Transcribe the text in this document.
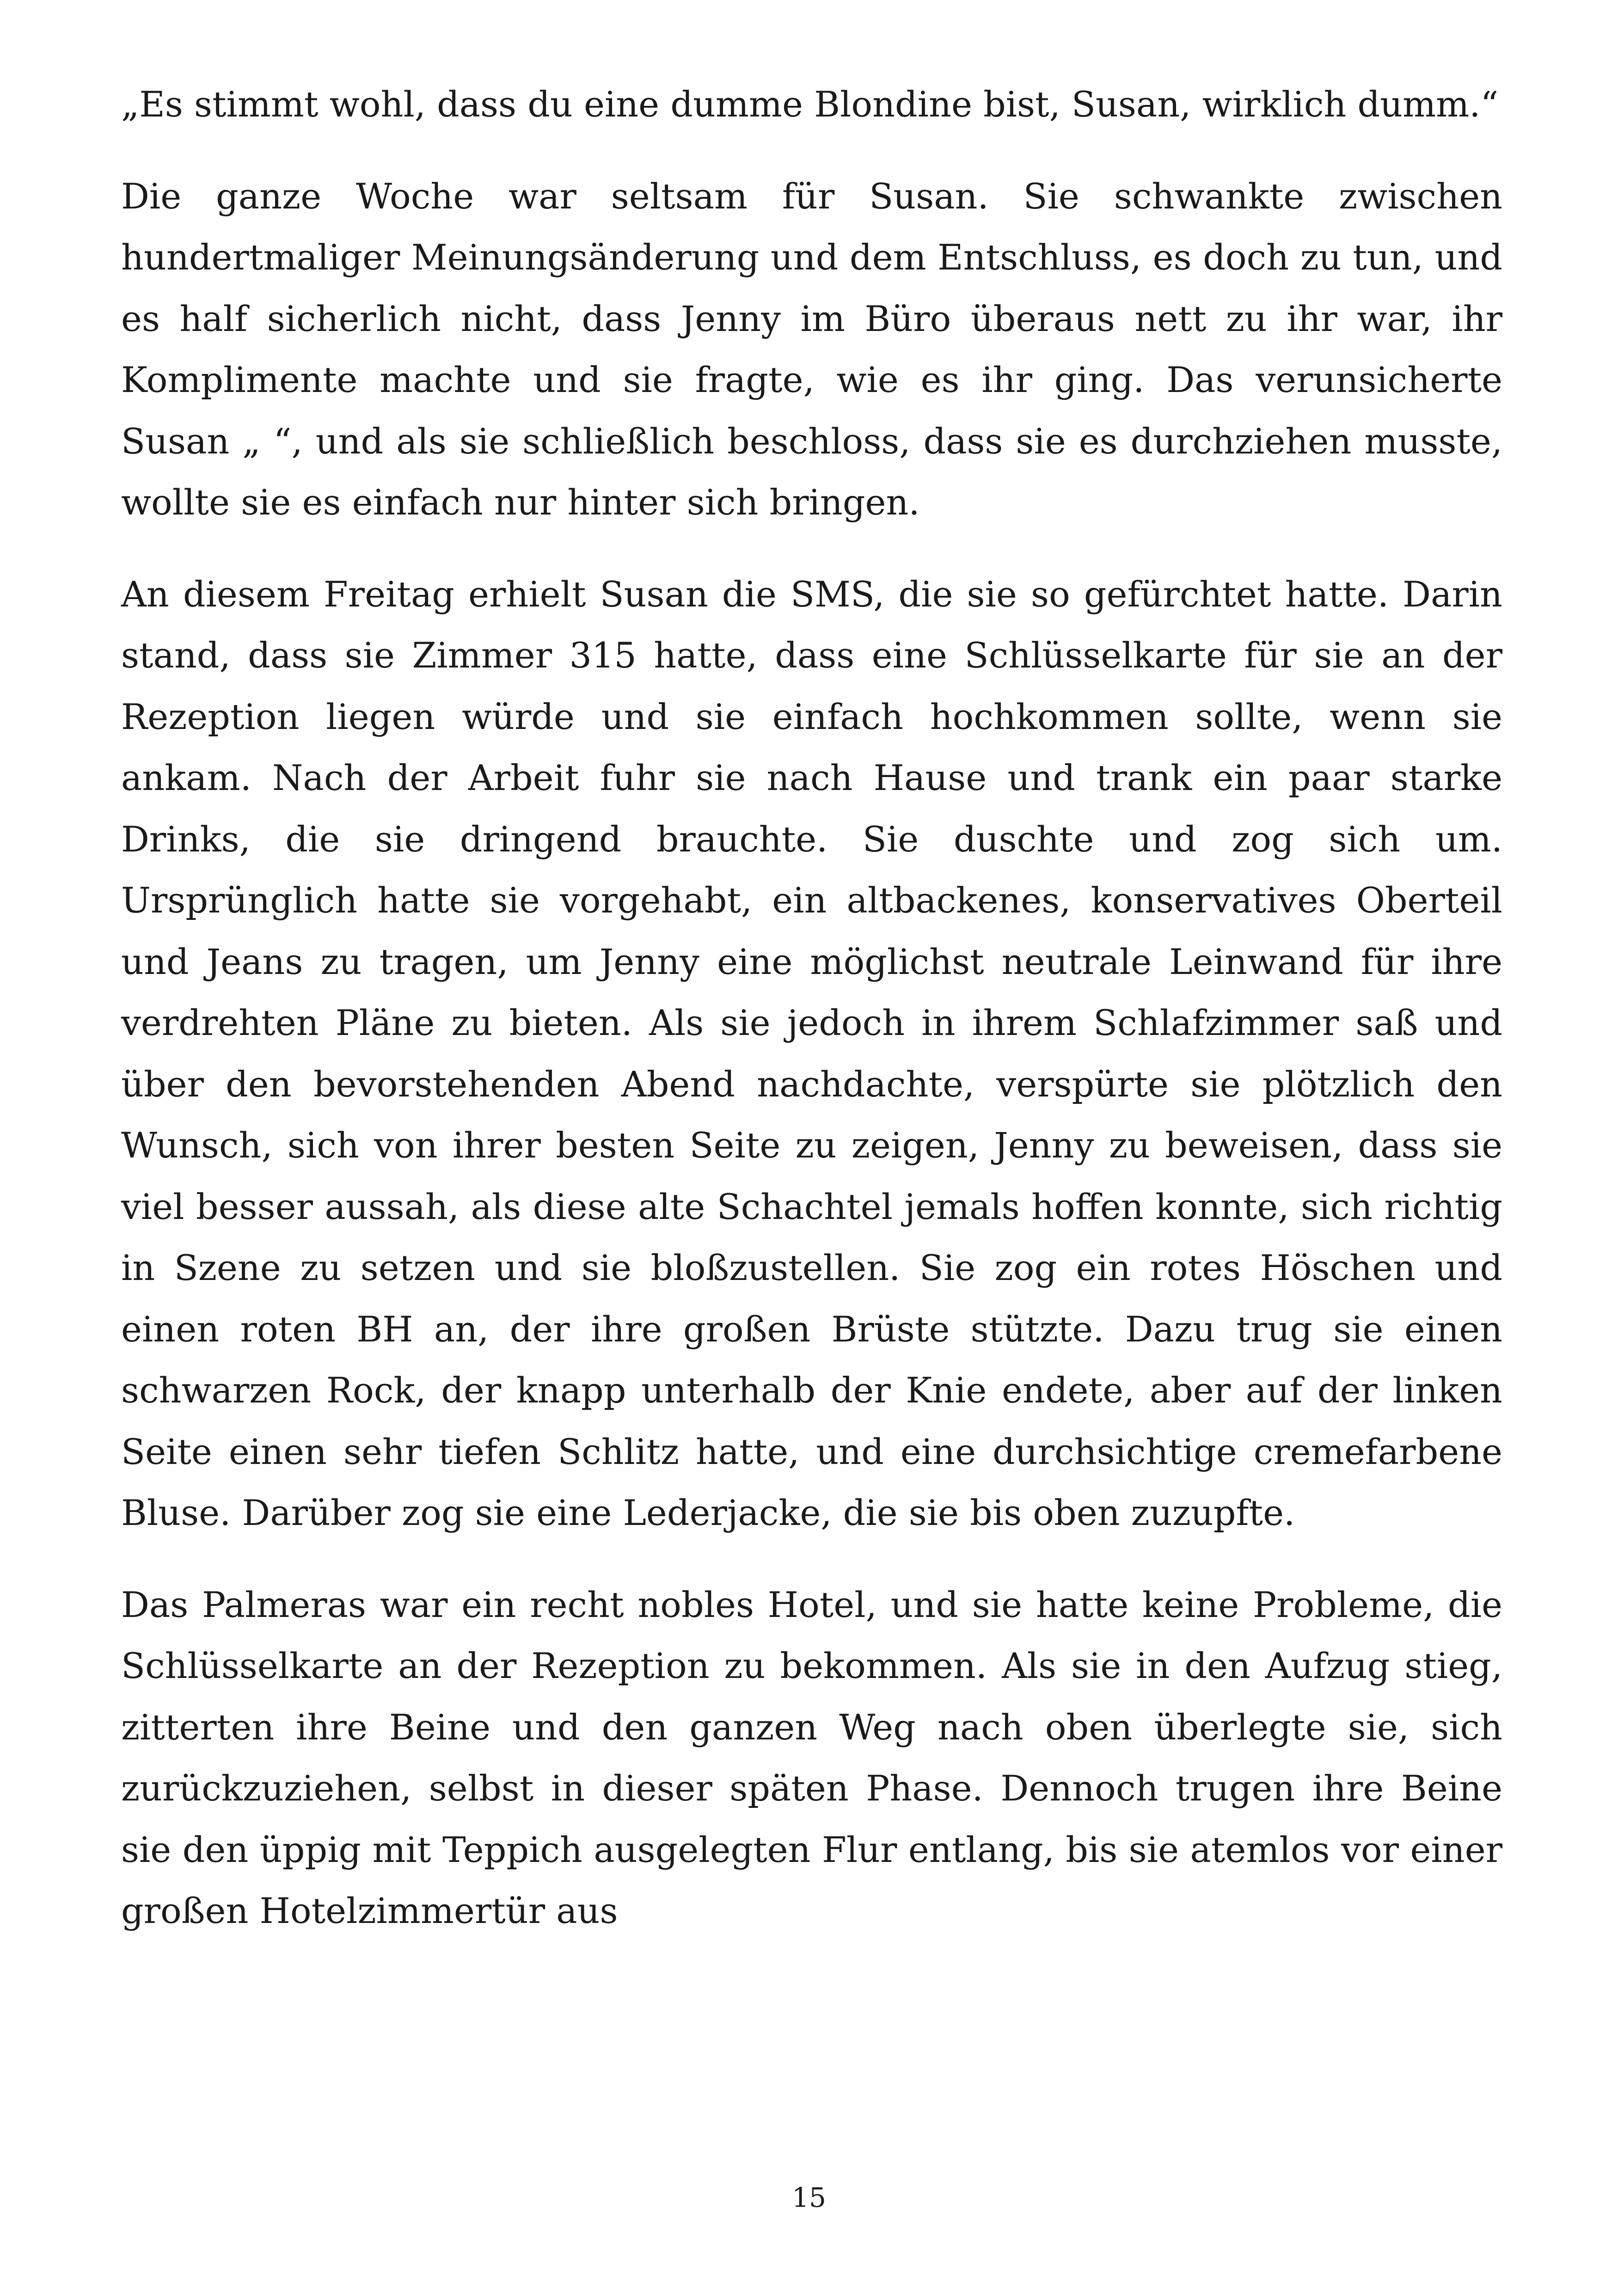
„Es stimmt wohl, dass du eine dumme Blondine bist, Susan, wirklich dumm.“

Die ganze Woche war seltsam für Susan. Sie schwankte zwischen hundertmaliger Meinungsänderung und dem Entschluss, es doch zu tun, und es half sicherlich nicht, dass Jenny im Büro überaus nett zu ihr war, ihr Komplimente machte und sie fragte, wie es ihr ging. Das verunsicherte Susan „ “, und als sie schließlich beschloss, dass sie es durchziehen musste, wollte sie es einfach nur hinter sich bringen.

An diesem Freitag erhielt Susan die SMS, die sie so gefürchtet hatte. Darin stand, dass sie Zimmer 315 hatte, dass eine Schlüsselkarte für sie an der Rezeption liegen würde und sie einfach hochkommen sollte, wenn sie ankam. Nach der Arbeit fuhr sie nach Hause und trank ein paar starke Drinks, die sie dringend brauchte. Sie duschte und zog sich um. Ursprünglich hatte sie vorgehabt, ein altbackenes, konservatives Oberteil und Jeans zu tragen, um Jenny eine möglichst neutrale Leinwand für ihre verdrehten Pläne zu bieten. Als sie jedoch in ihrem Schlafzimmer saß und über den bevorstehenden Abend nachdachte, verspürte sie plötzlich den Wunsch, sich von ihrer besten Seite zu zeigen, Jenny zu beweisen, dass sie viel besser aussah, als diese alte Schachtel jemals hoffen konnte, sich richtig in Szene zu setzen und sie bloßzustellen. Sie zog ein rotes Höschen und einen roten BH an, der ihre großen Brüste stützte. Dazu trug sie einen schwarzen Rock, der knapp unterhalb der Knie endete, aber auf der linken Seite einen sehr tiefen Schlitz hatte, und eine durchsichtige cremefarbene Bluse. Darüber zog sie eine Lederjacke, die sie bis oben zuzupfte.

Das Palmeras war ein recht nobles Hotel, und sie hatte keine Probleme, die Schlüsselkarte an der Rezeption zu bekommen. Als sie in den Aufzug stieg, zitterten ihre Beine und den ganzen Weg nach oben überlegte sie, sich zurückzuziehen, selbst in dieser späten Phase. Dennoch trugen ihre Beine sie den üppig mit Teppich ausgelegten Flur entlang, bis sie atemlos vor einer großen Hotelzimmertür aus

15
